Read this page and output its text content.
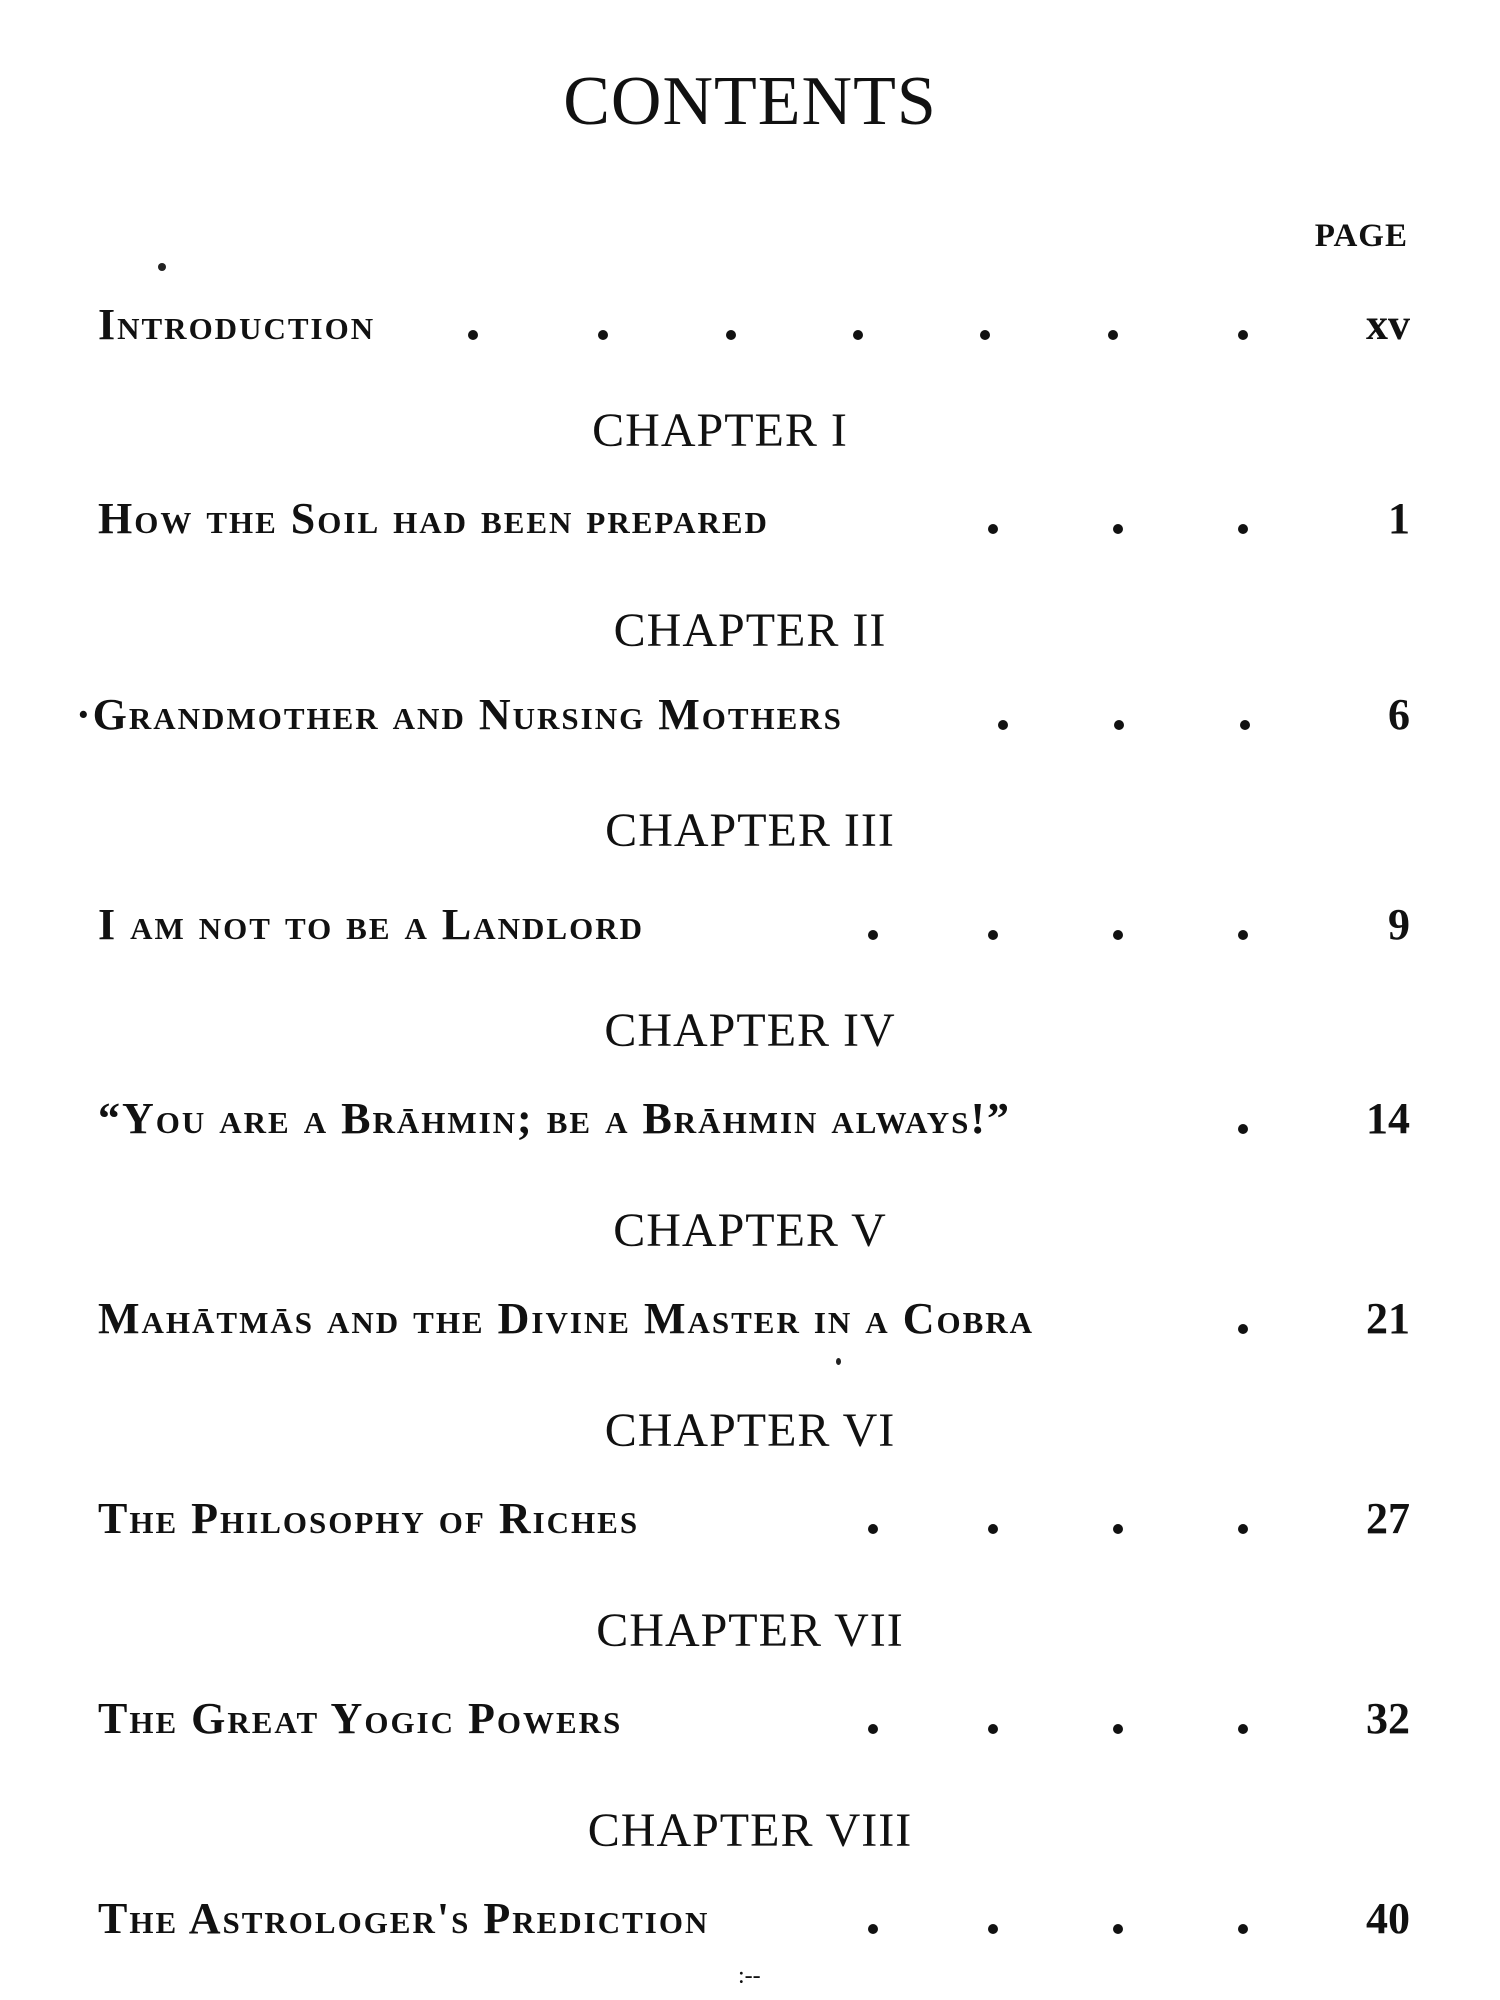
CONTENTS
PAGE
Introduction	xv
CHAPTER I
How the Soil had been prepared	1
CHAPTER II
·Grandmother and Nursing Mothers	6
CHAPTER III
I am not to be a Landlord	9
CHAPTER IV
“You are a Brāhmin; be a Brāhmin always!”	14
CHAPTER V
Mahātmās and the Divine Master in a Cobra	21
CHAPTER VI
The Philosophy of Riches	27
CHAPTER VII
The Great Yogic Powers	32
CHAPTER VIII
The Astrologer's Prediction	40
:--
